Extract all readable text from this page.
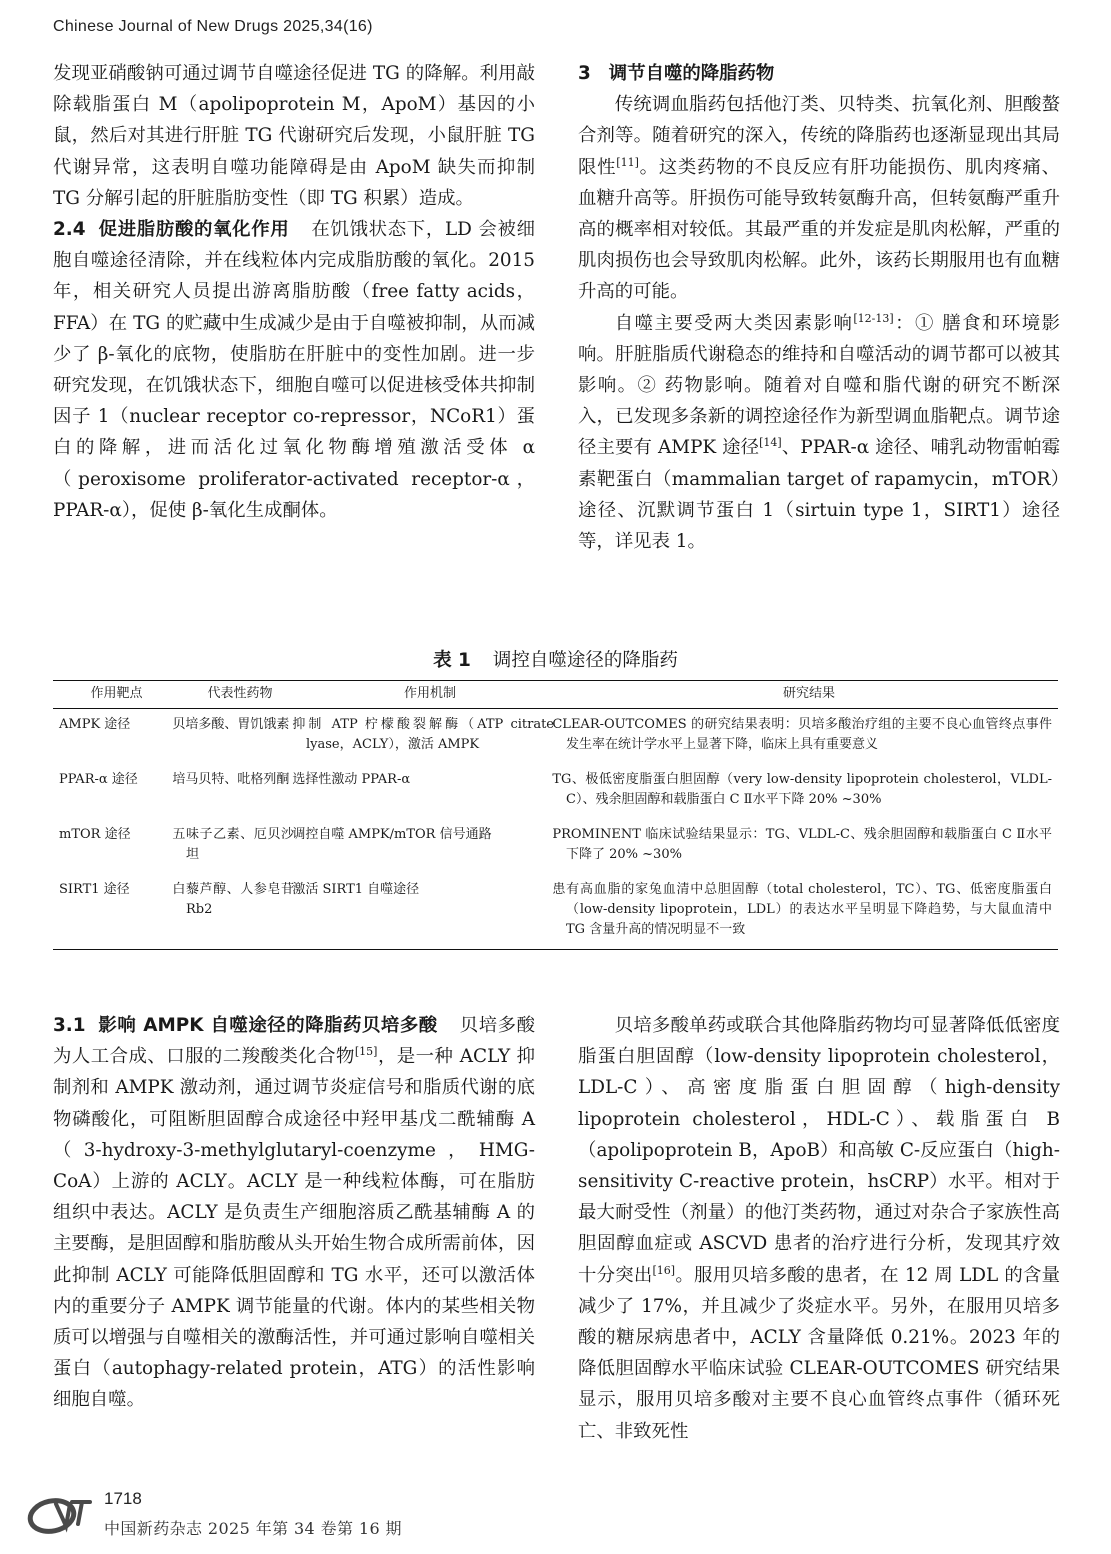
Chinese Journal of New Drugs 2025,34(16)

发现亚硝酸钠可通过调节自噬途径促进 TG 的降解。利用敲除载脂蛋白 M（apolipoprotein M，ApoM）基因的小鼠，然后对其进行肝脏 TG 代谢研究后发现，小鼠肝脏 TG 代谢异常，这表明自噬功能障碍是由 ApoM 缺失而抑制 TG 分解引起的肝脏脂肪变性（即 TG 积累）造成。

2.4 促进脂肪酸的氧化作用 在饥饿状态下，LD 会被细胞自噬途径清除，并在线粒体内完成脂肪酸的氧化。2015 年，相关研究人员提出游离脂肪酸（free fatty acids，FFA）在 TG 的贮藏中生成减少是由于自噬被抑制，从而减少了 β-氧化的底物，使脂肪在肝脏中的变性加剧。进一步研究发现，在饥饿状态下，细胞自噬可以促进核受体共抑制因子 1（nuclear receptor co-repressor，NCoR1）蛋白的降解，进而活化过氧化物酶增殖激活受体 α（peroxisome proliferator-activated receptor-α，PPAR-α），促使 β-氧化生成酮体。

3 调节自噬的降脂药物

传统调血脂药包括他汀类、贝特类、抗氧化剂、胆酸螯合剂等。随着研究的深入，传统的降脂药也逐渐显现出其局限性[11]。这类药物的不良反应有肝功能损伤、肌肉疼痛、血糖升高等。肝损伤可能导致转氨酶升高，但转氨酶严重升高的概率相对较低。其最严重的并发症是肌肉松解，严重的肌肉损伤也会导致肌肉松解。此外，该药长期服用也有血糖升高的可能。

自噬主要受两大类因素影响[12-13]：① 膳食和环境影响。肝脏脂质代谢稳态的维持和自噬活动的调节都可以被其影响。② 药物影响。随着对自噬和脂代谢的研究不断深入，已发现多条新的调控途径作为新型调血脂靶点。调节途径主要有 AMPK 途径[14]、PPAR-α 途径、哺乳动物雷帕霉素靶蛋白（mammalian target of rapamycin，mTOR）途径、沉默调节蛋白 1（sirtuin type 1，SIRT1）途径等，详见表 1。

表 1 调控自噬途径的降脂药
作用靶点	代表性药物	作用机制	研究结果
AMPK 途径	贝培多酸、胃饥饿素	抑制 ATP 柠檬酸裂解酶（ATP citrate lyase，ACLY），激活 AMPK	CLEAR-OUTCOMES 的研究结果表明：贝培多酸治疗组的主要不良心血管终点事件发生率在统计学水平上显著下降，临床上具有重要意义
PPAR-α 途径	培马贝特、吡格列酮	选择性激动 PPAR-α	TG、极低密度脂蛋白胆固醇（very low-density lipoprotein cholesterol，VLDL-C）、残余胆固醇和载脂蛋白 C Ⅱ水平下降 20% ~30%
mTOR 途径	五味子乙素、厄贝沙坦	调控自噬 AMPK/mTOR 信号通路	PROMINENT 临床试验结果显示：TG、VLDL-C、残余胆固醇和载脂蛋白 C Ⅱ水平下降了 20% ~30%
SIRT1 途径	白藜芦醇、人参皂苷 Rb2	激活 SIRT1 自噬途径	患有高血脂的家兔血清中总胆固醇（total cholesterol，TC）、TG、低密度脂蛋白（low-density lipoprotein，LDL）的表达水平呈明显下降趋势，与大鼠血清中 TG 含量升高的情况明显不一致

3.1 影响 AMPK 自噬途径的降脂药贝培多酸 贝培多酸为人工合成、口服的二羧酸类化合物[15]，是一种 ACLY 抑制剂和 AMPK 激动剂，通过调节炎症信号和脂质代谢的底物磷酸化，可阻断胆固醇合成途径中羟甲基戊二酰辅酶 A（3-hydroxy-3-methylglutaryl-coenzyme，HMG-CoA）上游的 ACLY。ACLY 是一种线粒体酶，可在脂肪组织中表达。ACLY 是负责生产细胞溶质乙酰基辅酶 A 的主要酶，是胆固醇和脂肪酸从头开始生物合成所需前体，因此抑制 ACLY 可能降低胆固醇和 TG 水平，还可以激活体内的重要分子 AMPK 调节能量的代谢。体内的某些相关物质可以增强与自噬相关的激酶活性，并可通过影响自噬相关蛋白（autophagy-related protein，ATG）的活性影响细胞自噬。

贝培多酸单药或联合其他降脂药物均可显著降低低密度脂蛋白胆固醇（low-density lipoprotein cholesterol，LDL-C）、高密度脂蛋白胆固醇（high-density lipoprotein cholesterol，HDL-C）、载脂蛋白 B（apolipoprotein B，ApoB）和高敏 C-反应蛋白（high-sensitivity C-reactive protein，hsCRP）水平。相对于最大耐受性（剂量）的他汀类药物，通过对杂合子家族性高胆固醇血症或 ASCVD 患者的治疗进行分析，发现其疗效十分突出[16]。服用贝培多酸的患者，在 12 周 LDL 的含量减少了 17%，并且减少了炎症水平。另外，在服用贝培多酸的糖尿病患者中，ACLY 含量降低 0.21%。2023 年的降低胆固醇水平临床试验 CLEAR-OUTCOMES 研究结果显示，服用贝培多酸对主要不良心血管终点事件（循环死亡、非致死性

1718
中国新药杂志 2025 年第 34 卷第 16 期
